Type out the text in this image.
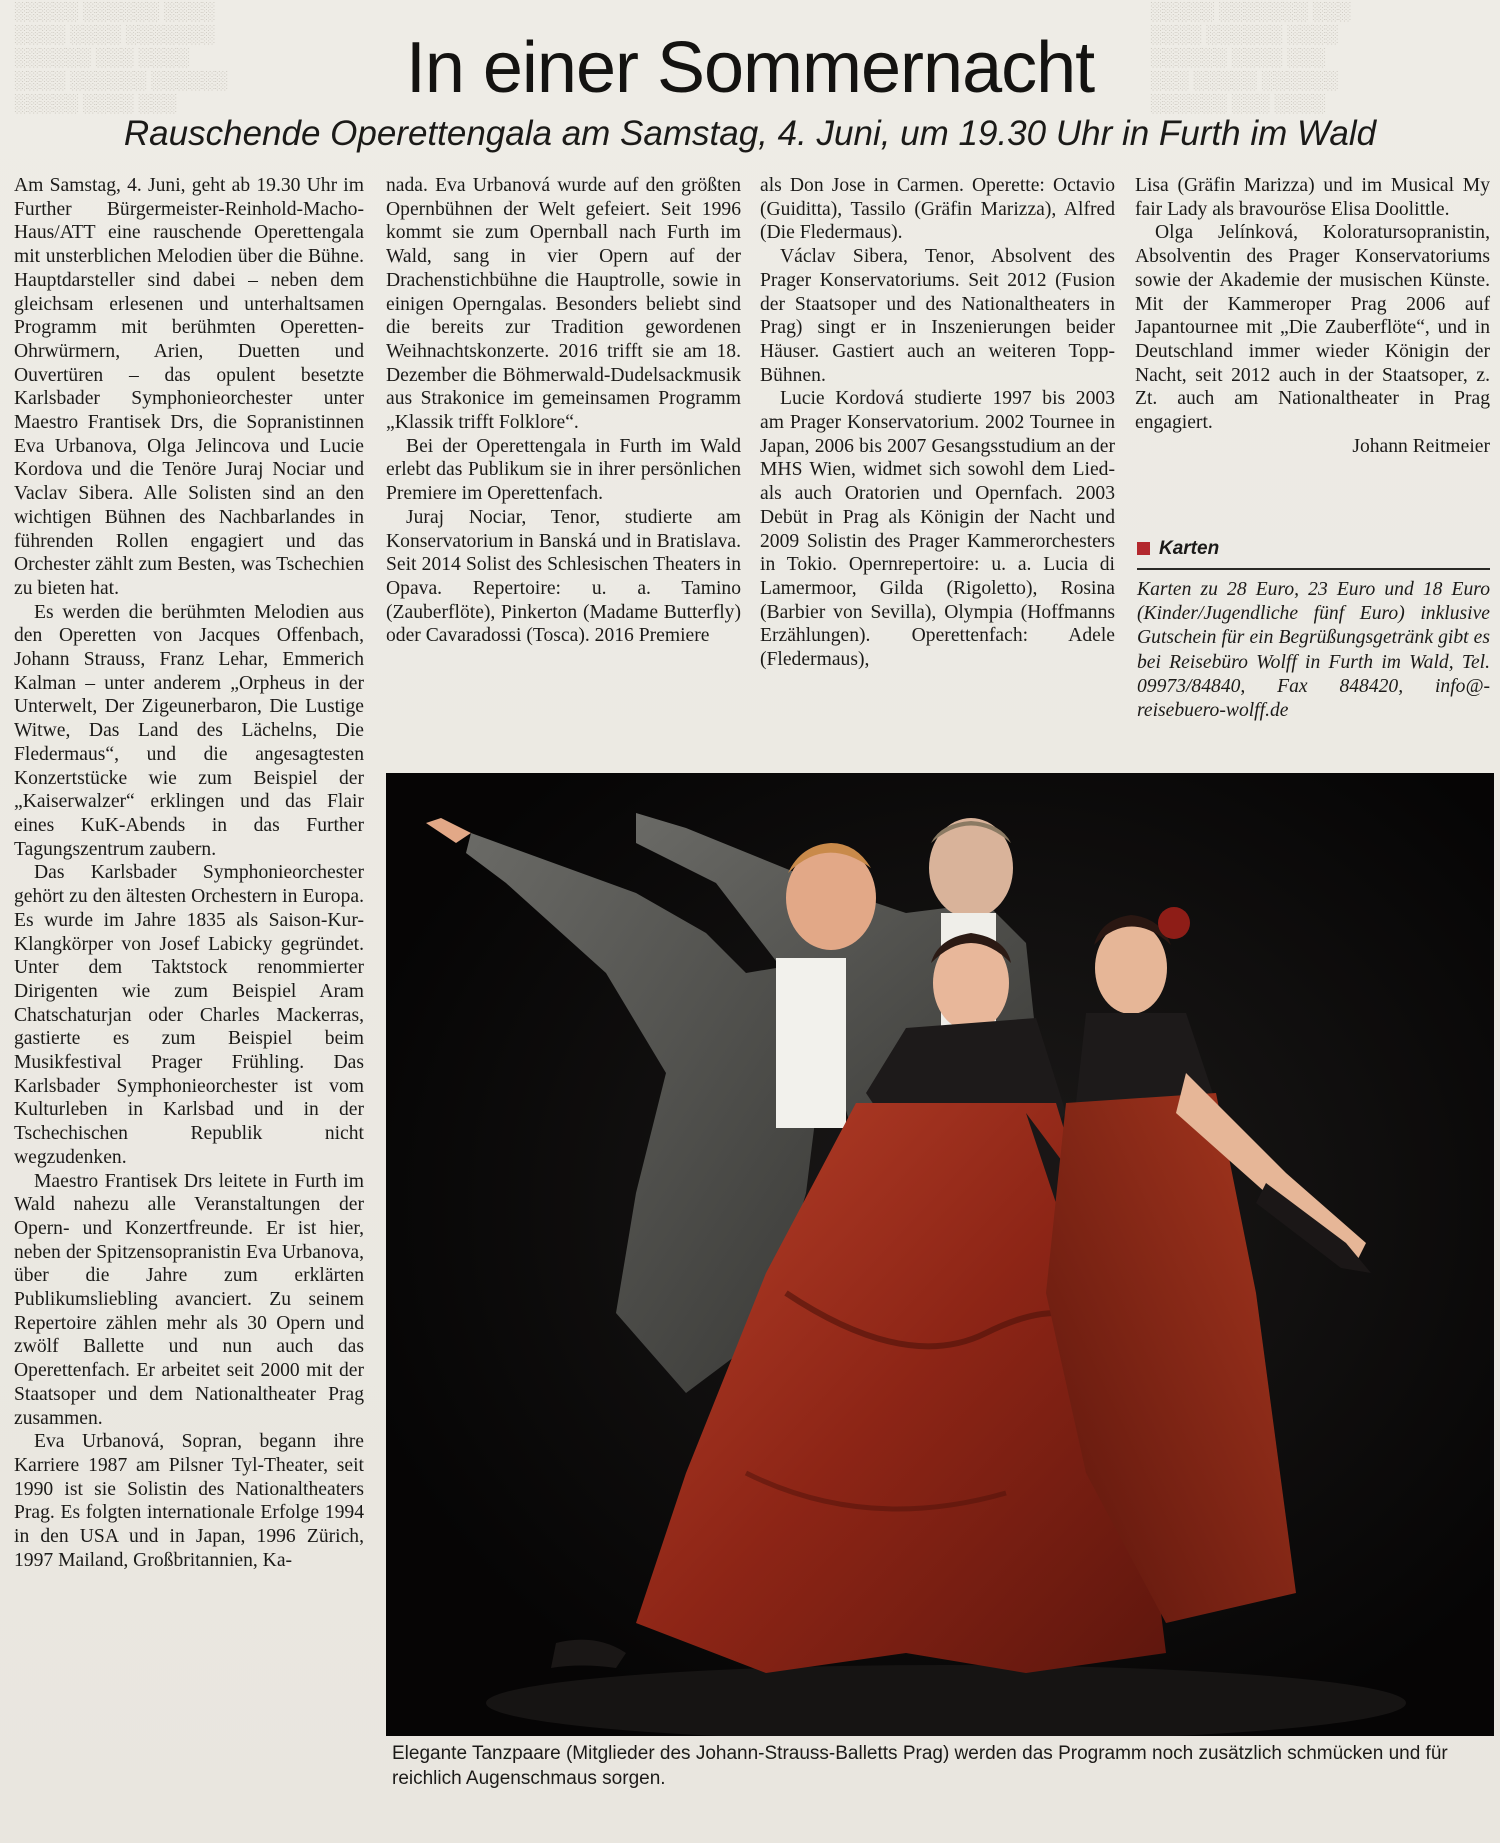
░░░░░ ░░░░░░ ░░░░
░░░░ ░░░░ ░░░░░░░
░░░░░░ ░░░ ░░░░
░░░░ ░░░░░░ ░░░░░░
░░░░░ ░░░░ ░░░
░░░░░ ░░░░░░░ ░░░
░░░░ ░░░░░░ ░░░░
░░░░░░ ░░░░ ░░░
░░░ ░░░░░ ░░░░░░
░░░░░░ ░░░ ░░░░
In einer Sommernacht
Rauschende Operettengala am Samstag, 4. Juni, um 19.30 Uhr in Furth im Wald

Am Samstag, 4. Juni, geht ab 19.30 Uhr im Further Bürgermeister-Reinhold-Macho-Haus/ATT eine rauschende Operettengala mit unsterblichen Melodien über die Bühne. Hauptdarsteller sind dabei – neben dem gleichsam erlesenen und unterhaltsamen Programm mit berühmten Operetten-Ohrwürmern, Arien, Duetten und Ouvertüren – das opulent besetzte Karlsbader Symphonieorchester unter Maestro Frantisek Drs, die Sopranistinnen Eva Urbanova, Olga Jelincova und Lucie Kordova und die Tenöre Juraj Nociar und Vaclav Sibera. Alle Solisten sind an den wichtigen Bühnen des Nachbarlandes in führenden Rollen engagiert und das Orchester zählt zum Besten, was Tschechien zu bieten hat.

Es werden die berühmten Melodien aus den Operetten von Jacques Offenbach, Johann Strauss, Franz Lehar, Emmerich Kalman – unter anderem „Orpheus in der Unterwelt, Der Zigeunerbaron, Die Lustige Witwe, Das Land des Lächelns, Die Fledermaus“, und die angesagtesten Konzertstücke wie zum Beispiel der „Kaiserwalzer“ erklingen und das Flair eines KuK-Abends in das Further Tagungszentrum zaubern.

Das Karlsbader Symphonieorchester gehört zu den ältesten Orchestern in Europa. Es wurde im Jahre 1835 als Saison-Kur-Klangkörper von Josef Labicky gegründet. Unter dem Taktstock renommierter Dirigenten wie zum Beispiel Aram Chatschaturjan oder Charles Mackerras, gastierte es zum Beispiel beim Musikfestival Prager Frühling. Das Karlsbader Symphonieorchester ist vom Kulturleben in Karlsbad und in der Tschechischen Republik nicht wegzudenken.

Maestro Frantisek Drs leitete in Furth im Wald nahezu alle Veranstaltungen der Opern- und Konzertfreunde. Er ist hier, neben der Spitzensopranistin Eva Urbanova, über die Jahre zum erklärten Publikumsliebling avanciert. Zu seinem Repertoire zählen mehr als 30 Opern und zwölf Ballette und nun auch das Operettenfach. Er arbeitet seit 2000 mit der Staatsoper und dem Nationaltheater Prag zusammen.

Eva Urbanová, Sopran, begann ihre Karriere 1987 am Pilsner Tyl-Theater, seit 1990 ist sie Solistin des Nationaltheaters Prag. Es folgten internationale Erfolge 1994 in den USA und in Japan, 1996 Zürich, 1997 Mailand, Großbritannien, Ka-

nada. Eva Urbanová wurde auf den größten Opernbühnen der Welt gefeiert. Seit 1996 kommt sie zum Opernball nach Furth im Wald, sang in vier Opern auf der Drachenstichbühne die Hauptrolle, sowie in einigen Operngalas. Besonders beliebt sind die bereits zur Tradition gewordenen Weihnachtskonzerte. 2016 trifft sie am 18. Dezember die Böhmerwald-Dudelsackmusik aus Strakonice im gemeinsamen Programm „Klassik trifft Folklore“.

Bei der Operettengala in Furth im Wald erlebt das Publikum sie in ihrer persönlichen Premiere im Operettenfach.

Juraj Nociar, Tenor, studierte am Konservatorium in Banská und in Bratislava. Seit 2014 Solist des Schlesischen Theaters in Opava. Repertoire: u. a. Tamino (Zauberflöte), Pinkerton (Madame Butterfly) oder Cavaradossi (Tosca). 2016 Premiere

als Don Jose in Carmen. Operette: Octavio (Guiditta), Tassilo (Gräfin Marizza), Alfred (Die Fledermaus).

Václav Sibera, Tenor, Absolvent des Prager Konservatoriums. Seit 2012 (Fusion der Staatsoper und des Nationaltheaters in Prag) singt er in Inszenierungen beider Häuser. Gastiert auch an weiteren Topp-Bühnen.

Lucie Kordová studierte 1997 bis 2003 am Prager Konservatorium. 2002 Tournee in Japan, 2006 bis 2007 Gesangsstudium an der MHS Wien, widmet sich sowohl dem Lied- als auch Oratorien und Opernfach. 2003 Debüt in Prag als Königin der Nacht und 2009 Solistin des Prager Kammerorchesters in Tokio. Opernrepertoire: u. a. Lucia di Lamermoor, Gilda (Rigoletto), Rosina (Barbier von Sevilla), Olympia (Hoffmanns Erzählungen). Operettenfach: Adele (Fledermaus),

Lisa (Gräfin Marizza) und im Musical My fair Lady als bravouröse Elisa Doolittle.

Olga Jelínková, Koloratursopranistin, Absolventin des Prager Konservatoriums sowie der Akademie der musischen Künste. Mit der Kammeroper Prag 2006 auf Japantournee mit „Die Zauberflöte“, und in Deutschland immer wieder Königin der Nacht, seit 2012 auch in der Staatsoper, z. Zt. auch am Nationaltheater in Prag engagiert.

Johann Reitmeier

Karten
Karten zu 28 Euro, 23 Euro und 18 Euro (Kinder/Jugendliche fünf Euro) inklusive Gutschein für ein Begrüßungsgetränk gibt es bei Reisebüro Wolff in Furth im Wald, Tel. 09973/84840, Fax 848420, info@-reisebuero-wolff.de

Elegante Tanzpaare (Mitglieder des Johann-Strauss-Balletts Prag) werden das Programm noch zusätzlich schmücken und für reichlich Augenschmaus sorgen.
